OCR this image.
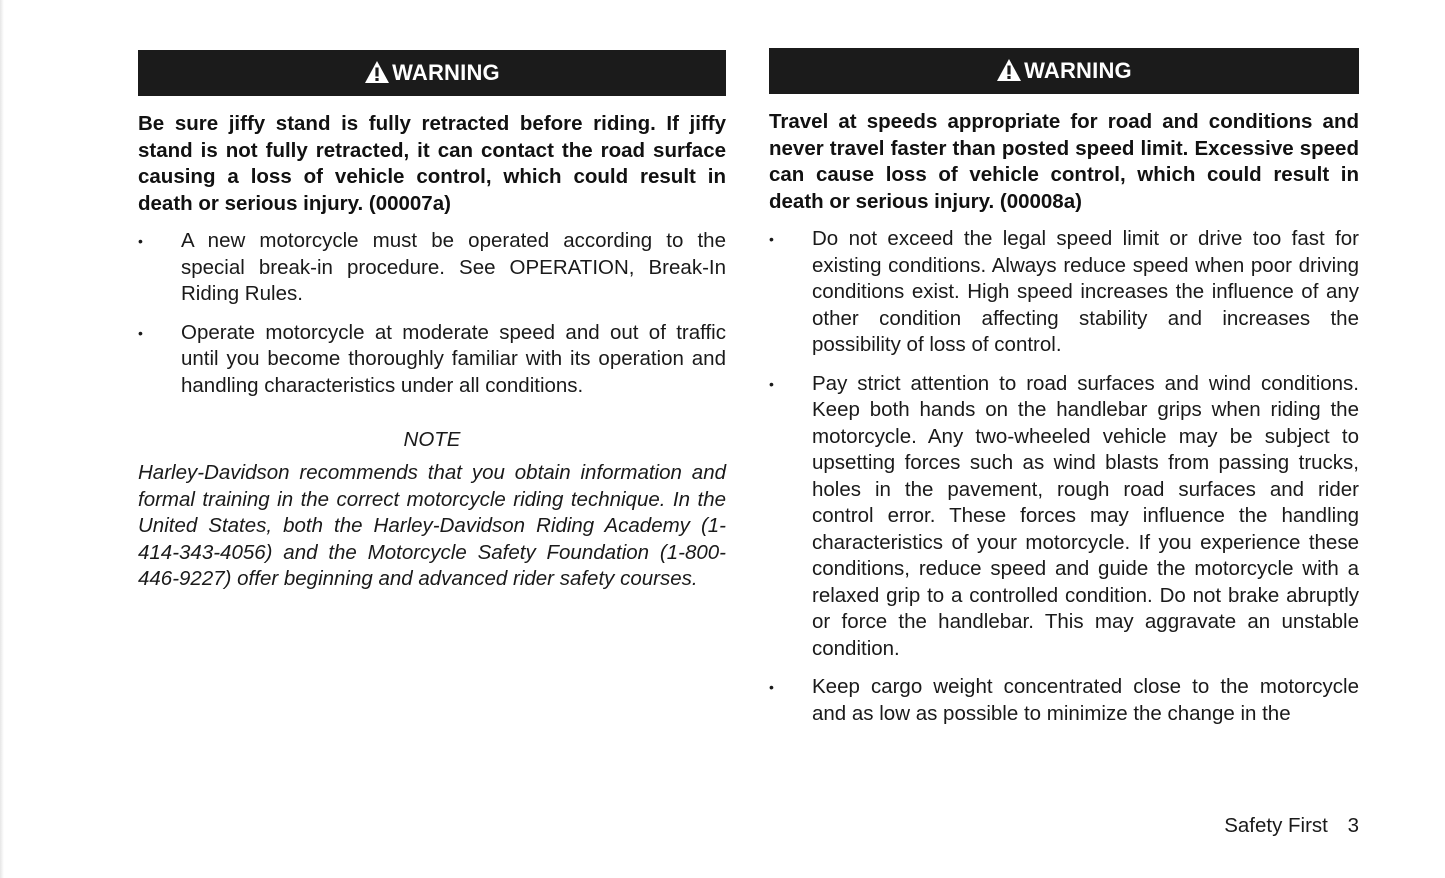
WARNING

Be sure jiffy stand is fully retracted before riding. If jiffy stand is not fully retracted, it can contact the road surface causing a loss of vehicle control, which could result in death or serious injury. (00007a)

•	A new motorcycle must be operated according to the special break-in procedure. See OPERATION, Break-In Riding Rules.
•	Operate motorcycle at moderate speed and out of traffic until you become thoroughly familiar with its operation and handling characteristics under all conditions.

NOTE

Harley-Davidson recommends that you obtain information and formal training in the correct motorcycle riding technique. In the United States, both the Harley-Davidson Riding Academy (1-414-343-4056) and the Motorcycle Safety Foundation (1-800-446-9227) offer beginning and advanced rider safety courses.

WARNING

Travel at speeds appropriate for road and conditions and never travel faster than posted speed limit. Excessive speed can cause loss of vehicle control, which could result in death or serious injury. (00008a)

•	Do not exceed the legal speed limit or drive too fast for existing conditions. Always reduce speed when poor driving conditions exist. High speed increases the influence of any other condition affecting stability and increases the possibility of loss of control.
•	Pay strict attention to road surfaces and wind conditions. Keep both hands on the handlebar grips when riding the motorcycle. Any two-wheeled vehicle may be subject to upsetting forces such as wind blasts from passing trucks, holes in the pavement, rough road surfaces and rider control error. These forces may influence the handling characteristics of your motorcycle. If you experience these conditions, reduce speed and guide the motorcycle with a relaxed grip to a controlled condition. Do not brake abruptly or force the handlebar. This may aggravate an unstable condition.
•	Keep cargo weight concentrated close to the motorcycle and as low as possible to minimize the change in the
Safety First 3
